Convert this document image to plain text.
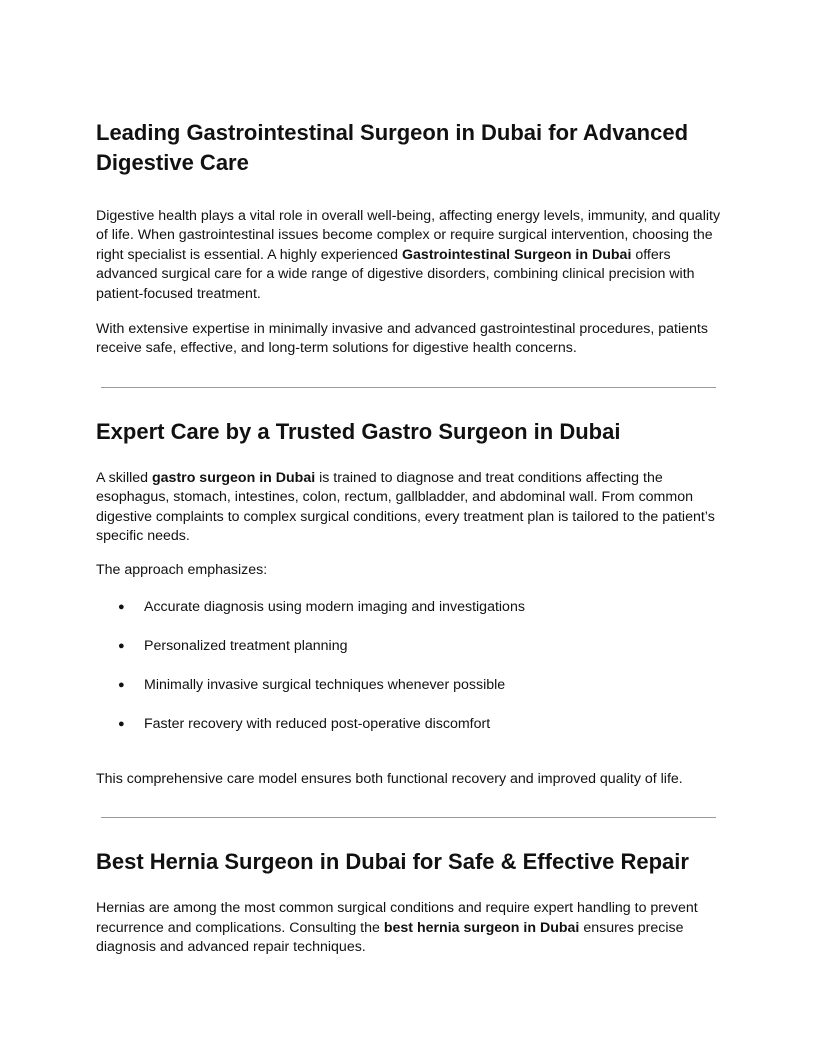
Leading Gastrointestinal Surgeon in Dubai for Advanced Digestive Care

Digestive health plays a vital role in overall well-being, affecting energy levels, immunity, and quality of life. When gastrointestinal issues become complex or require surgical intervention, choosing the right specialist is essential. A highly experienced Gastrointestinal Surgeon in Dubai offers advanced surgical care for a wide range of digestive disorders, combining clinical precision with patient-focused treatment.

With extensive expertise in minimally invasive and advanced gastrointestinal procedures, patients receive safe, effective, and long-term solutions for digestive health concerns.

Expert Care by a Trusted Gastro Surgeon in Dubai

A skilled gastro surgeon in Dubai is trained to diagnose and treat conditions affecting the esophagus, stomach, intestines, colon, rectum, gallbladder, and abdominal wall. From common digestive complaints to complex surgical conditions, every treatment plan is tailored to the patient’s specific needs.

The approach emphasizes:

● Accurate diagnosis using modern imaging and investigations
● Personalized treatment planning
● Minimally invasive surgical techniques whenever possible
● Faster recovery with reduced post-operative discomfort

This comprehensive care model ensures both functional recovery and improved quality of life.

Best Hernia Surgeon in Dubai for Safe & Effective Repair

Hernias are among the most common surgical conditions and require expert handling to prevent recurrence and complications. Consulting the best hernia surgeon in Dubai ensures precise diagnosis and advanced repair techniques.
